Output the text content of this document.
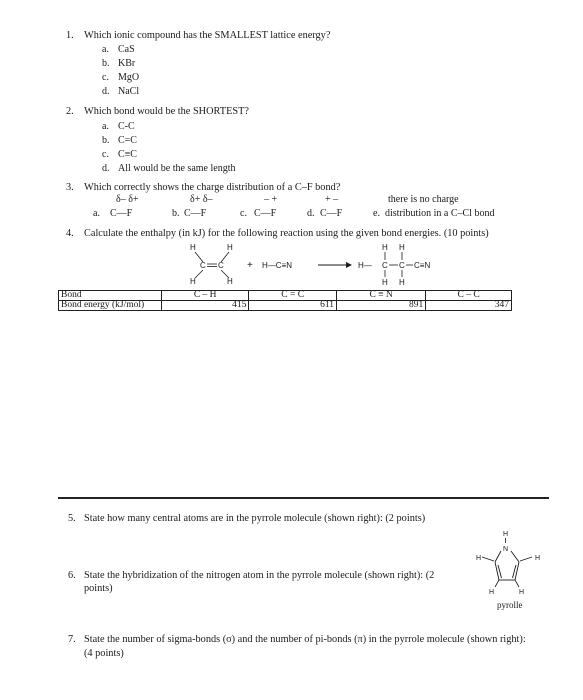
1. Which ionic compound has the SMALLEST lattice energy?
a. CaS
b. KBr
c. MgO
d. NaCl
2. Which bond would be the SHORTEST?
a. C-C
b. C=C
c. C≡C
d. All would be the same length
3. Which correctly shows the charge distribution of a C–F bond?
δ– δ+
a. C—F
δ+ δ–
b. C—F
– +
c. C—F
+ –
d. C—F
there is no charge
e. distribution in a C–Cl bond
4. Calculate the enthalpy (in kJ) for the following reaction using the given bond energies. (10 points)
H	H
C C
H	H
+ H—C≡N
H H
H— C C C≡N
H H
Bond	C – H	C = C	C ≡ N	C – C
Bond energy (kJ/mol)	415	611	891	347
5. State how many central atoms are in the pyrrole molecule (shown right): (2 points)
6. State the hybridization of the nitrogen atom in the pyrrole molecule (shown right): (2
points)
H
N
H	H
H	H
pyrolle
7. State the number of sigma-bonds (σ) and the number of pi-bonds (π) in the pyrrole molecule (shown right):
(4 points)
